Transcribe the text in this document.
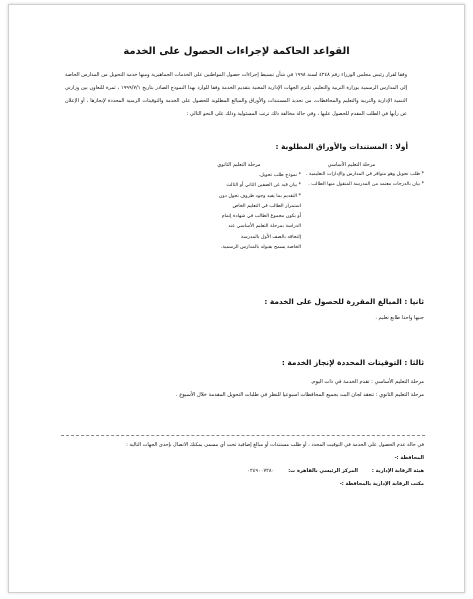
القواعد الحاكمة لإجراءات الحصول على الخدمة
وفقا لقرار رئيس مجلس الوزراء رقم ٤٢٤٨ لسنة ١٩٩٨ في شأن تبسيط إجراءات حصول المواطنين على الخدمات الجماهيرية ومنها خدمة التحويل من المدارس الخاصة إلى المدارس الرسمية بوزارة التربية والتعليم، تلتزم الجهات الإدارية المعنية بتقديم الخدمة وفقا للوارد بهذا النموذج الصادر بتاريخ ١٩٩٩/٧/١ ، ثمرة للتعاون بين وزارتي التنمية الإدارية والتربية والتعليم والمحافظات، من تحديد المستندات والأوراق والمبالغ المطلوبة للحصول على الخدمة والتوقيتات الزمنية المحددة لإنجازها ، أو الإعلان عن رأيها في الطلب المقدم للحصول عليها ، وفي حالة مخالفة ذلك ترتب المسئولية وذلك على النحو التالي :
أولا : المستندات والأوراق المطلوبة :
مرحلة التعليم الأساسي
* طلب تحويل وهو متوافر في المدارس والإدارات التعليمية .
* بيان بالدرجات معتمد من المدرسة المنقول منها الطالب .
مرحلة التعليم الثانوي
* نموذج طلب تحويل.
* بيان قيد عن الصفين الثاني أو الثالث
* التقديم بما يفيد وجود ظروف تحول دون
استمرار الطالب في التعليم الخاص
أو بكون مجموع الطالب في شهادة إتمام
الدراسة بمرحلة التعليم الأساسي عند
إلتحاقه بالصف الأول بالمدرسة
الخاصة يسمح بقبوله بالمدارس الرسمية.
ثانيا : المبالغ المقررة للحصول على الخدمة :
جنيها واحدا طابع تعليم .
ثالثا : التوقيتات المحددة لإنجاز الخدمة :
مرحلة التعليم الأساسي : تقدم الخدمة في ذات اليوم.
مرحلة التعليم الثانوي : تنعقد لجان البت بجميع المحافظات اسبوعيا للنظر في طلبات التحويل المقدمة خلال الأسبوع .
في حالة عدم الحصول على الخدمة في التوقيت المحدد ، أو طلب مستندات أو مبالغ إضافية تحت أي مسمى يمكنك الاتصال بإحدى الجهات التالية :
المحافظة :-
هيئة الرقابة الإدارية :
المركز الرئيسي بالقاهرة ت:
٠٢٤٩٠٠٧٢٨٠
مكتب الرقابة الإدارية بالمحافظة :-
